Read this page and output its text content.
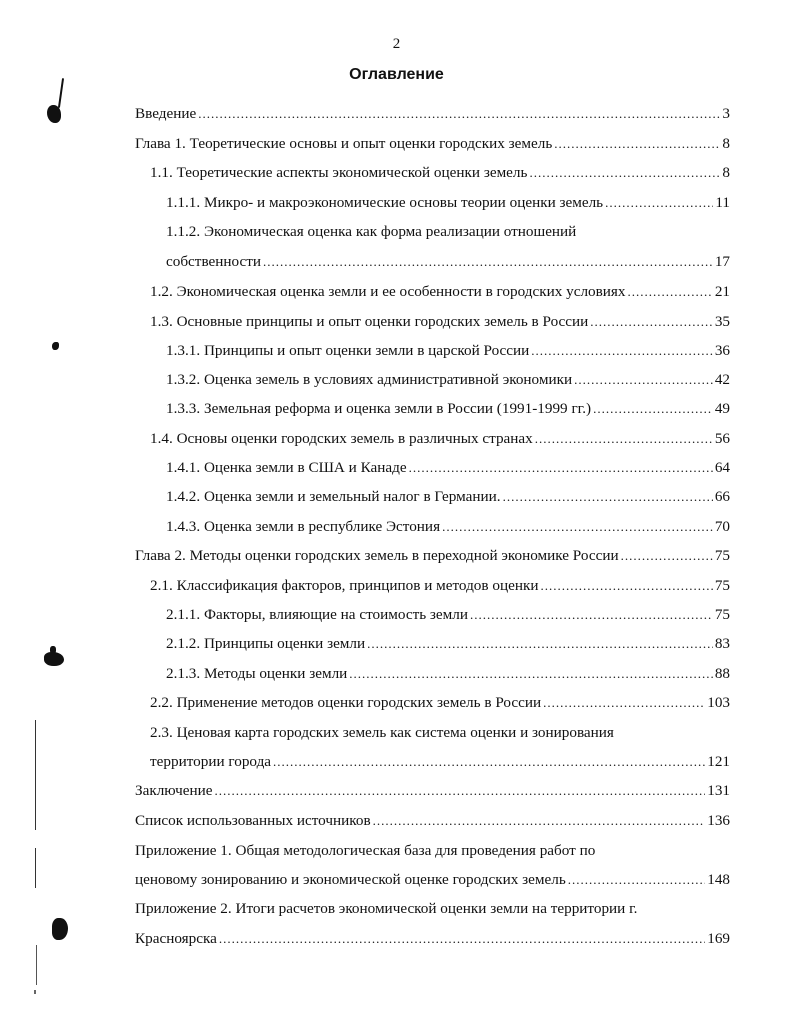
2
Оглавление
Введение .....	3
Глава 1. Теоретические основы и опыт оценки городских земель .....	8
1.1. Теоретические аспекты экономической оценки земель .....	8
1.1.1. Микро- и макроэкономические основы теории оценки земель .....	11
1.1.2. Экономическая оценка как форма реализации отношений
собственности .....	17
1.2. Экономическая оценка земли и ее особенности в городских условиях .....	21
1.3. Основные принципы и опыт оценки городских земель в России .....	35
1.3.1. Принципы и опыт оценки земли в царской России .....	36
1.3.2. Оценка земель в условиях административной экономики .....	42
1.3.3. Земельная реформа и оценка земли в России (1991-1999 гг.) .....	49
1.4. Основы оценки городских земель в различных странах .....	56
1.4.1. Оценка земли в США и Канаде .....	64
1.4.2. Оценка земли и земельный налог в Германии. .....	66
1.4.3. Оценка земли в республике Эстония .....	70
Глава 2. Методы оценки городских земель в переходной экономике России .....	75
2.1. Классификация факторов, принципов и методов оценки .....	75
2.1.1. Факторы, влияющие на стоимость земли .....	75
2.1.2. Принципы оценки земли .....	83
2.1.3. Методы оценки земли .....	88
2.2. Применение методов оценки городских земель в России .....	103
2.3. Ценовая карта городских земель как система оценки и зонирования
территории города .....	121
Заключение .....	131
Список использованных источников .....	136
Приложение 1. Общая методологическая база для проведения работ по
ценовому зонированию и экономической оценке городских земель .....	148
Приложение 2. Итоги расчетов экономической оценки земли на территории г.
Красноярска .....	169
